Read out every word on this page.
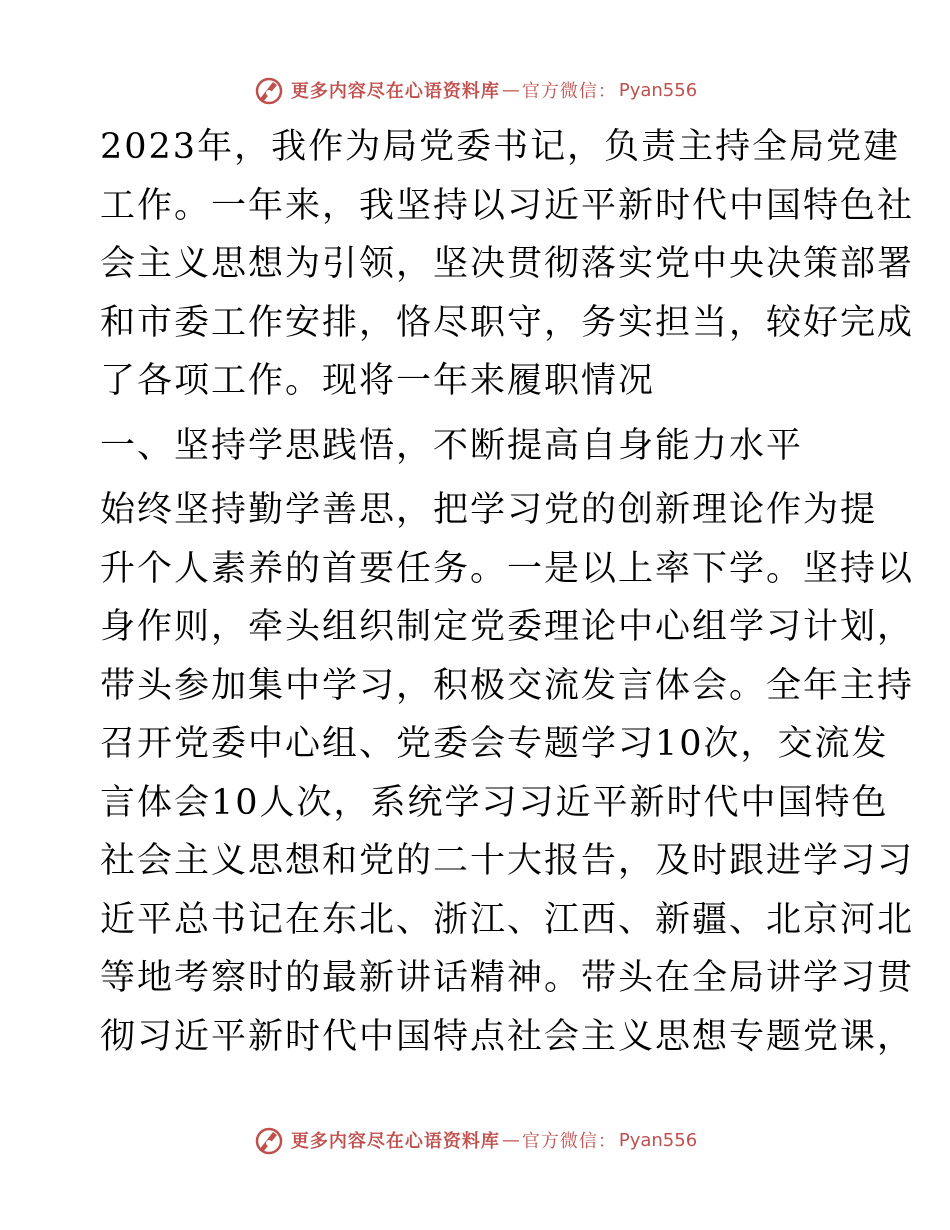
更多内容尽在心语资料库 — 官方微信： Pyan556

2023年，我作为局党委书记，负责主持全局党建
工作。一年来，我坚持以习近平新时代中国特色社
会主义思想为引领，坚决贯彻落实党中央决策部署
和市委工作安排，恪尽职守，务实担当，较好完成
了各项工作。现将一年来履职情况

一、坚持学思践悟，不断提高自身能力水平

始终坚持勤学善思，把学习党的创新理论作为提
升个人素养的首要任务。一是以上率下学。坚持以
身作则，牵头组织制定党委理论中心组学习计划，
带头参加集中学习，积极交流发言体会。全年主持
召开党委中心组、党委会专题学习10次，交流发
言体会10人次，系统学习习近平新时代中国特色
社会主义思想和党的二十大报告，及时跟进学习习
近平总书记在东北、浙江、江西、新疆、北京河北
等地考察时的最新讲话精神。带头在全局讲学习贯
彻习近平新时代中国特点社会主义思想专题党课，

更多内容尽在心语资料库 — 官方微信： Pyan556
